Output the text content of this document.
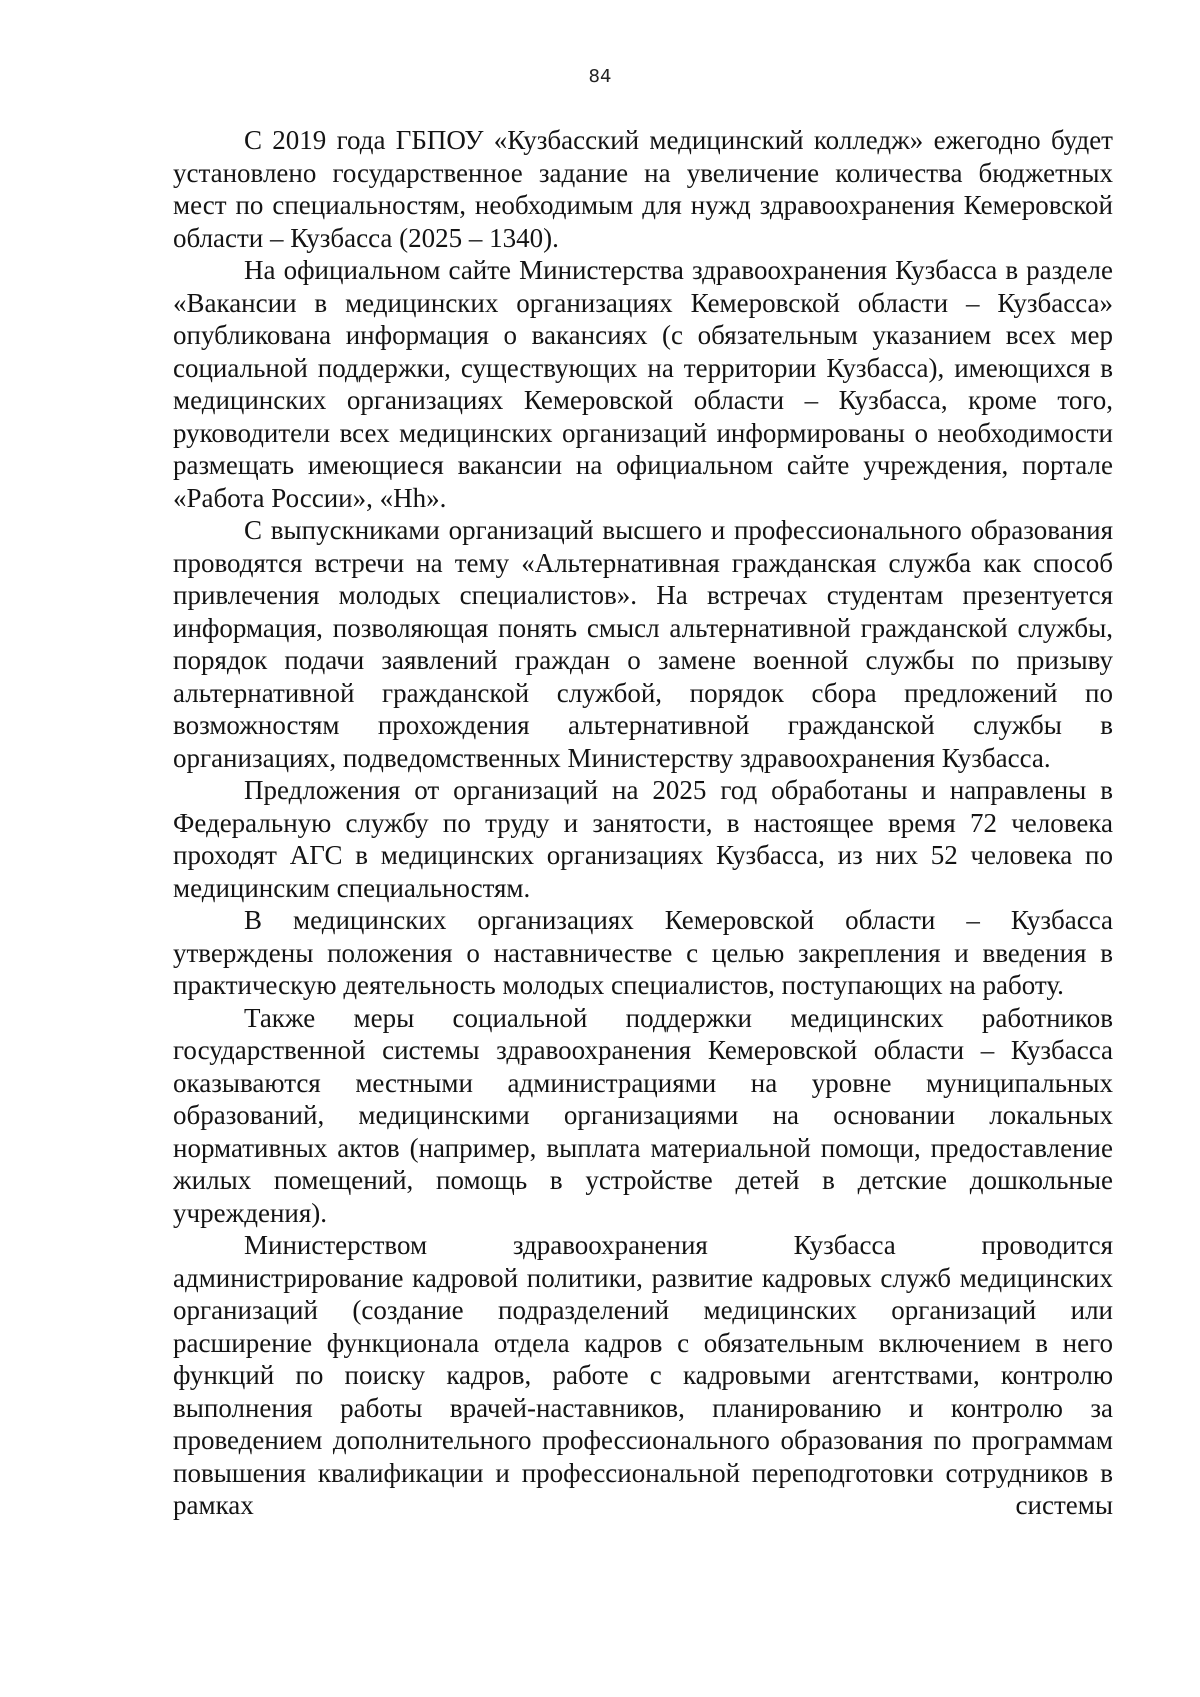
84

С 2019 года ГБПОУ «Кузбасский медицинский колледж» ежегодно будет установлено государственное задание на увеличение количества бюджетных мест по специальностям, необходимым для нужд здравоохранения Кемеровской области – Кузбасса (2025 – 1340).

На официальном сайте Министерства здравоохранения Кузбасса в разделе «Вакансии в медицинских организациях Кемеровской области – Кузбасса» опубликована информация о вакансиях (с обязательным указанием всех мер социальной поддержки, существующих на территории Кузбасса), имеющихся в медицинских организациях Кемеровской области – Кузбасса, кроме того, руководители всех медицинских организаций информированы о необходимости размещать имеющиеся вакансии на официальном сайте учреждения, портале «Работа России», «Hh».

С выпускниками организаций высшего и профессионального образования проводятся встречи на тему «Альтернативная гражданская служба как способ привлечения молодых специалистов». На встречах студентам презентуется информация, позволяющая понять смысл альтернативной гражданской службы, порядок подачи заявлений граждан о замене военной службы по призыву альтернативной гражданской службой, порядок сбора предложений по возможностям прохождения альтернативной гражданской службы в организациях, подведомственных Министерству здравоохранения Кузбасса.

Предложения от организаций на 2025 год обработаны и направлены в Федеральную службу по труду и занятости, в настоящее время 72 человека проходят АГС в медицинских организациях Кузбасса, из них 52 человека по медицинским специальностям.

В медицинских организациях Кемеровской области – Кузбасса утверждены положения о наставничестве с целью закрепления и введения в практическую деятельность молодых специалистов, поступающих на работу.

Также меры социальной поддержки медицинских работников государственной системы здравоохранения Кемеровской области – Кузбасса оказываются местными администрациями на уровне муниципальных образований, медицинскими организациями на основании локальных нормативных актов (например, выплата материальной помощи, предоставление жилых помещений, помощь в устройстве детей в детские дошкольные учреждения).

Министерством здравоохранения Кузбасса проводится администрирование кадровой политики, развитие кадровых служб медицинских организаций (создание подразделений медицинских организаций или расширение функционала отдела кадров с обязательным включением в него функций по поиску кадров, работе с кадровыми агентствами, контролю выполнения работы врачей-наставников, планированию и контролю за проведением дополнительного профессионального образования по программам повышения квалификации и профессиональной переподготовки сотрудников в рамках системы
